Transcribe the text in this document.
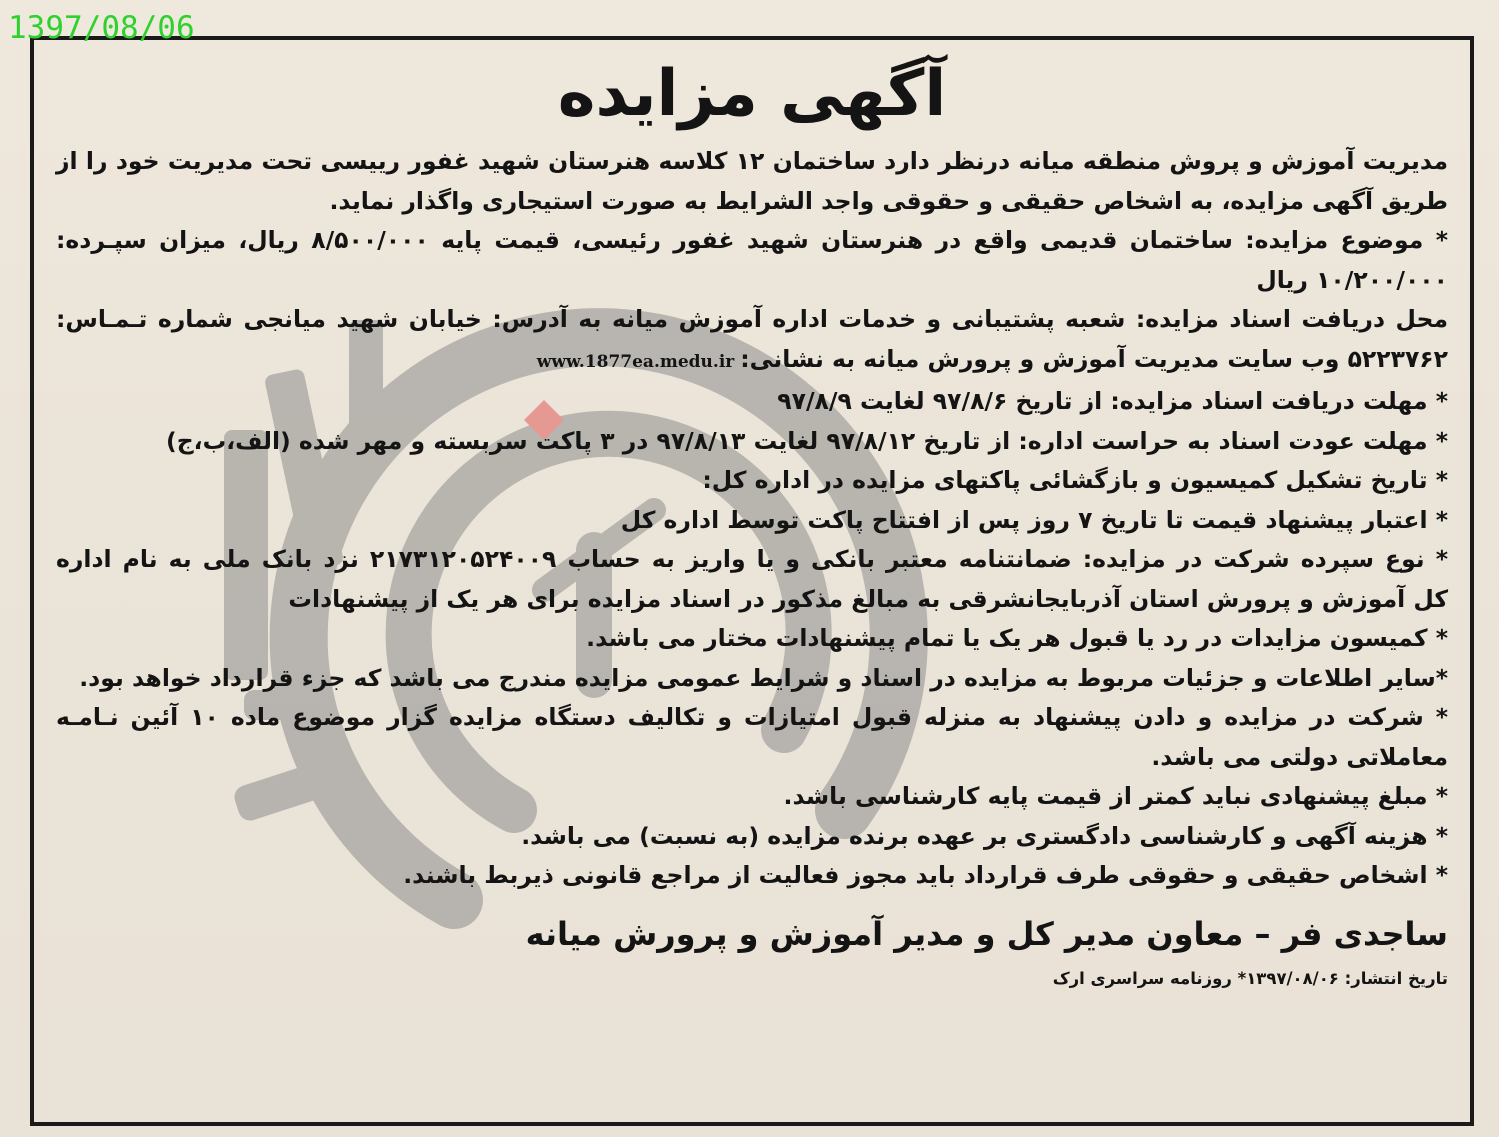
1397/08/06
آگهی مزایده

مدیریت آموزش و پروش منطقه میانه درنظر دارد ساختمان ۱۲ کلاسه هنرستان شهید غفور رییسی تحت مدیریت خود را از

طریق آگهی مزایده، به اشخاص حقیقی و حقوقی واجد الشرایط به صورت استیجاری واگذار نماید.

* موضوع مزایده: ساختمان قدیمی واقع در هنرستان شهید غفور رئیسی، قیمت پایه ۸/۵۰۰/۰۰۰ ریال، میزان سپـرده:

۱۰/۲۰۰/۰۰۰ ریال

محل دریافت اسناد مزایده: شعبه پشتیبانی و خدمات اداره آموزش میانه به آدرس: خیابان شهید میانجی شماره تـمـاس:

۵۲۲۳۷۶۲ وب سایت مدیریت آموزش و پرورش میانه به نشانی:www.1877ea.medu.ir

* مهلت دریافت اسناد مزایده: از تاریخ ۹۷/۸/۶ لغایت ۹۷/۸/۹

* مهلت عودت اسناد به حراست اداره: از تاریخ ۹۷/۸/۱۲ لغایت ۹۷/۸/۱۳ در ۳ پاکت سربسته و مهر شده (الف،ب،ج)

* تاریخ تشکیل کمیسیون و بازگشائی پاکتهای مزایده در اداره کل:

* اعتبار پیشنهاد قیمت تا تاریخ ۷ روز پس از افتتاح پاکت توسط اداره کل

* نوع سپرده شرکت در مزایده: ضمانتنامه معتبر بانکی و یا واریز به حساب ۲۱۷۳۱۲۰۵۲۴۰۰۹ نزد بانک ملی به نام اداره

کل آموزش و پرورش استان آذربایجانشرقی به مبالغ مذکور در اسناد مزایده برای هر یک از پیشنهادات

* کمیسون مزایدات در رد یا قبول هر یک یا تمام پیشنهادات مختار می باشد.

*سایر اطلاعات و جزئیات مربوط به مزایده در اسناد و شرایط عمومی مزایده مندرج می باشد که جزء قرارداد خواهد بود.

* شرکت در مزایده و دادن پیشنهاد به منزله قبول امتیازات و تکالیف دستگاه مزایده گزار موضوع ماده ۱۰ آئین نـامـه

معاملاتی دولتی می باشد.

* مبلغ پیشنهادی نباید کمتر از قیمت پایه کارشناسی باشد.

* هزینه آگهی و کارشناسی دادگستری بر عهده برنده مزایده (به نسبت) می باشد.

* اشخاص حقیقی و حقوقی طرف قرارداد باید مجوز فعالیت از مراجع قانونی ذیربط باشند.

ساجدی فر – معاون مدیر کل و مدیر آموزش و پرورش میانه
تاریخ انتشار: ۱۳۹۷/۰۸/۰۶* روزنامه سراسری ارک
